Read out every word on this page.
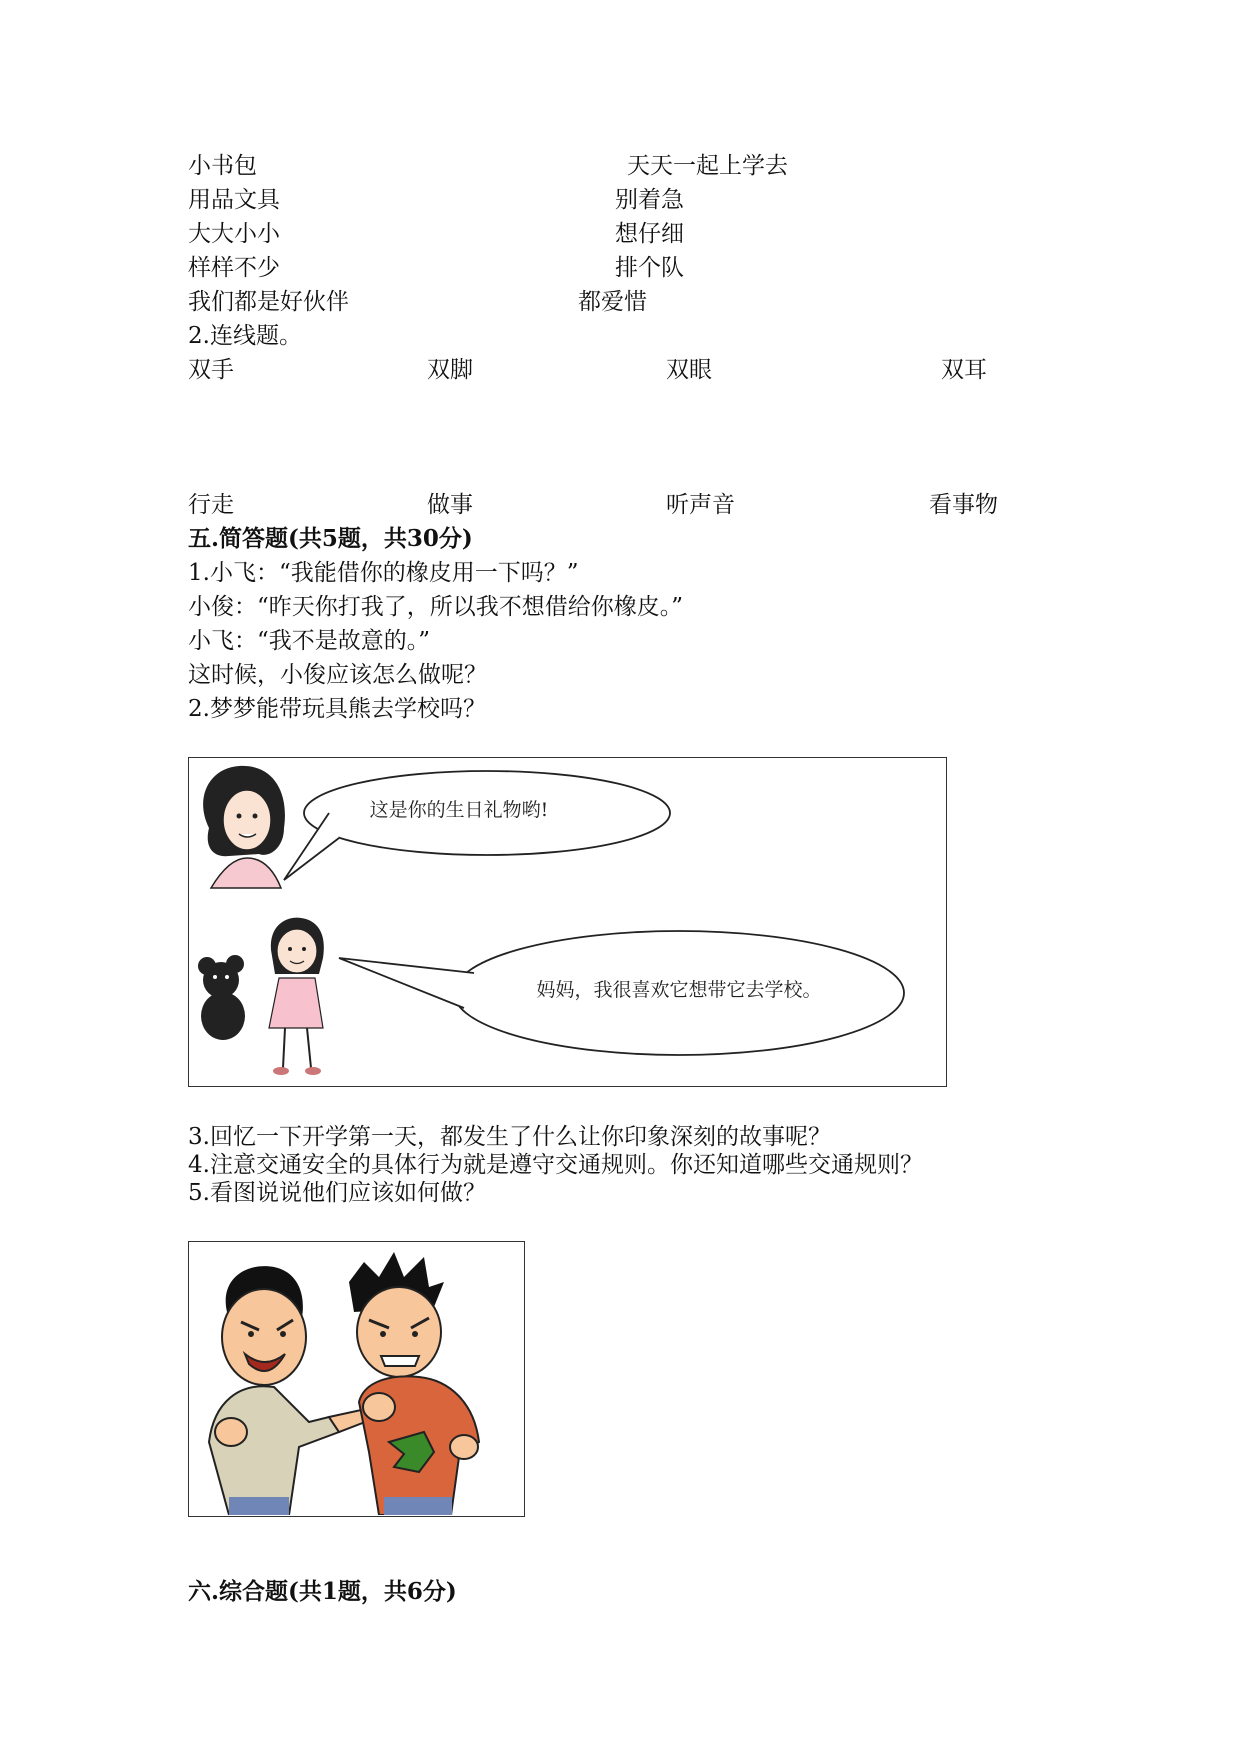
小书包	天天一起上学去
用品文具	别着急
大大小小	想仔细
样样不少	排个队
我们都是好伙伴	都爱惜
2.连线题。
双手	双脚	双眼	双耳
行走	做事	听声音	看事物
五.简答题(共5题，共30分)
1.小飞：“我能借你的橡皮用一下吗？”
小俊：“昨天你打我了，所以我不想借给你橡皮。”
小飞：“我不是故意的。”
这时候，小俊应该怎么做呢？
2.梦梦能带玩具熊去学校吗？
这是你的生日礼物哟!
妈妈，我很喜欢它想带它去学校。
3.回忆一下开学第一天，都发生了什么让你印象深刻的故事呢？
4.注意交通安全的具体行为就是遵守交通规则。你还知道哪些交通规则？
5.看图说说他们应该如何做？
六.综合题(共1题，共6分)
